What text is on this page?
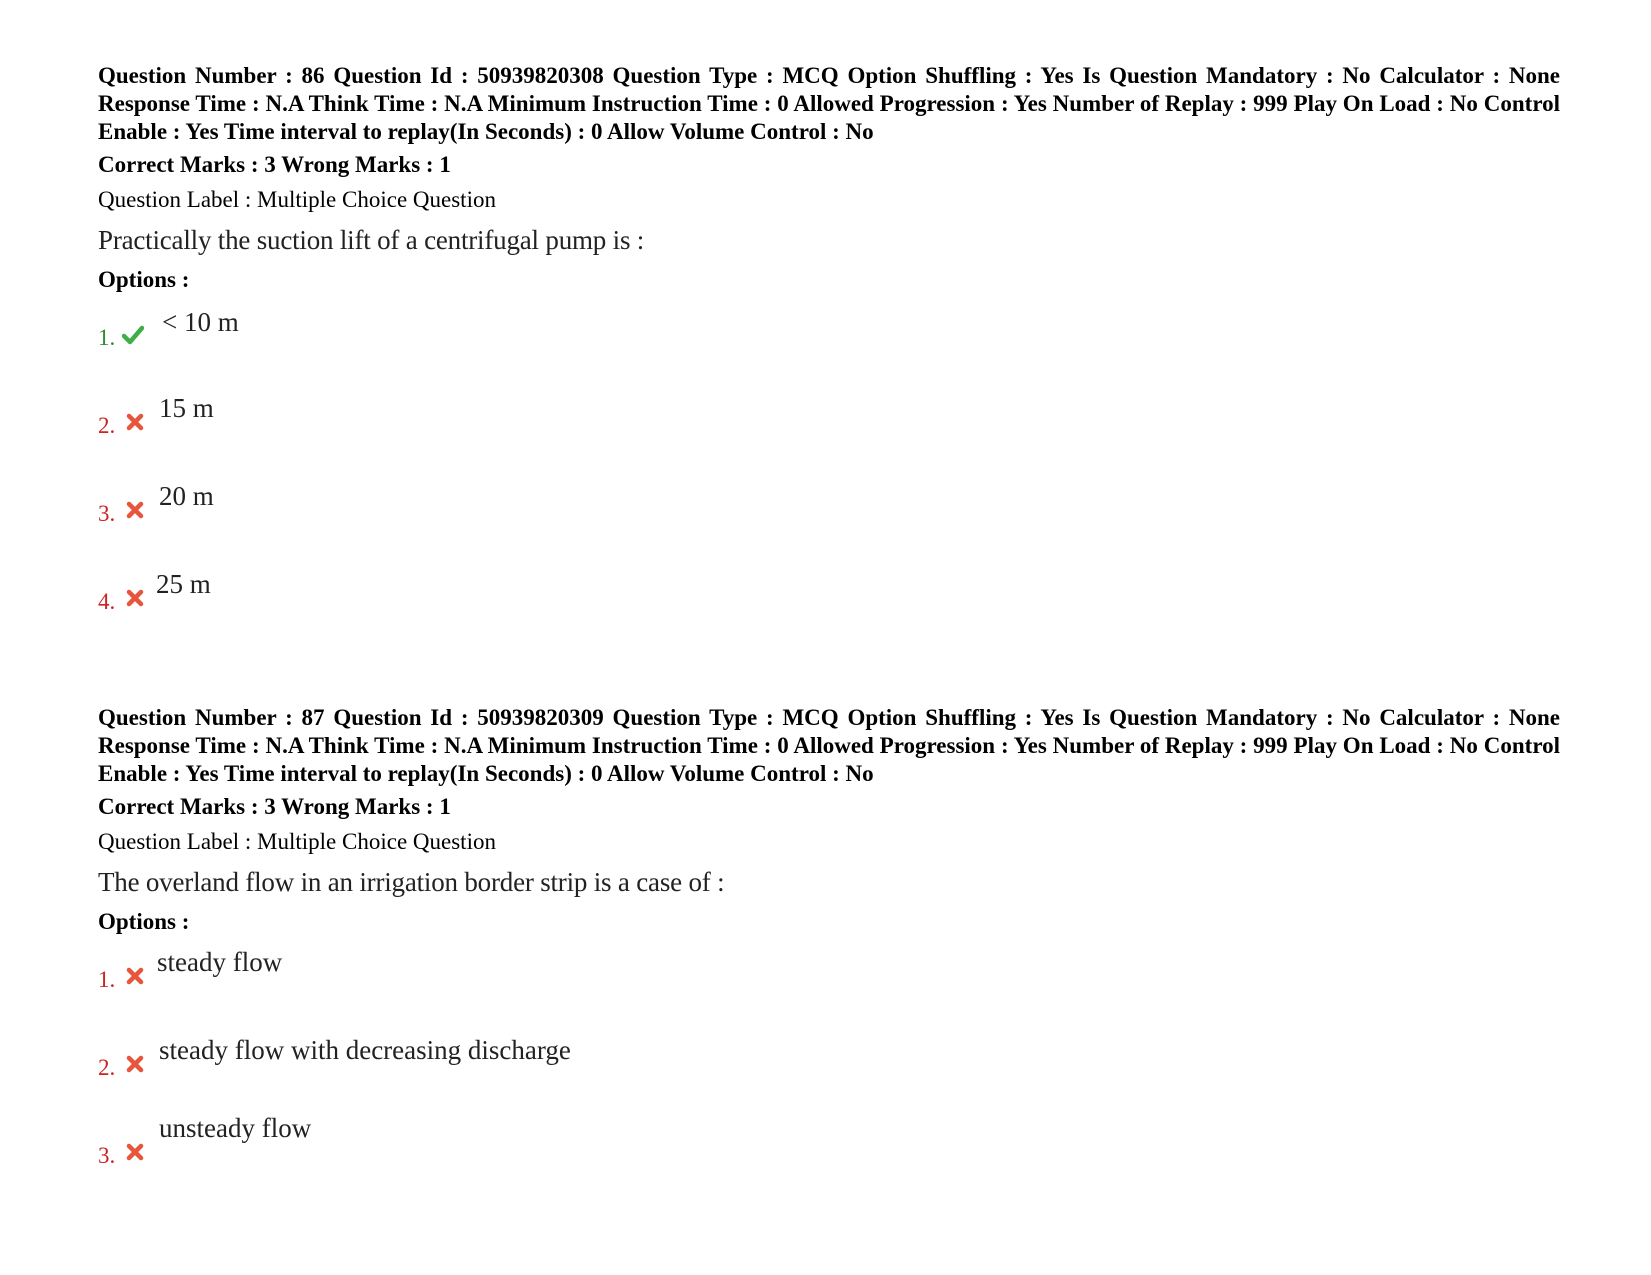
Question Number : 86 Question Id : 50939820308 Question Type : MCQ Option Shuffling : Yes Is Question Mandatory : No Calculator : None Response Time : N.A Think Time : N.A Minimum Instruction Time : 0 Allowed Progression : Yes Number of Replay : 999 Play On Load : No Control Enable : Yes Time interval to replay(In Seconds) : 0 Allow Volume Control : No

Correct Marks : 3 Wrong Marks : 1
Question Label : Multiple Choice Question
Practically the suction lift of a centrifugal pump is :
Options :
1.
< 10 m
2.
15 m
3.
20 m
4.
25 m

Question Number : 87 Question Id : 50939820309 Question Type : MCQ Option Shuffling : Yes Is Question Mandatory : No Calculator : None Response Time : N.A Think Time : N.A Minimum Instruction Time : 0 Allowed Progression : Yes Number of Replay : 999 Play On Load : No Control Enable : Yes Time interval to replay(In Seconds) : 0 Allow Volume Control : No

Correct Marks : 3 Wrong Marks : 1
Question Label : Multiple Choice Question
The overland flow in an irrigation border strip is a case of :
Options :
1.
steady flow
2.
steady flow with decreasing discharge
3.
unsteady flow
